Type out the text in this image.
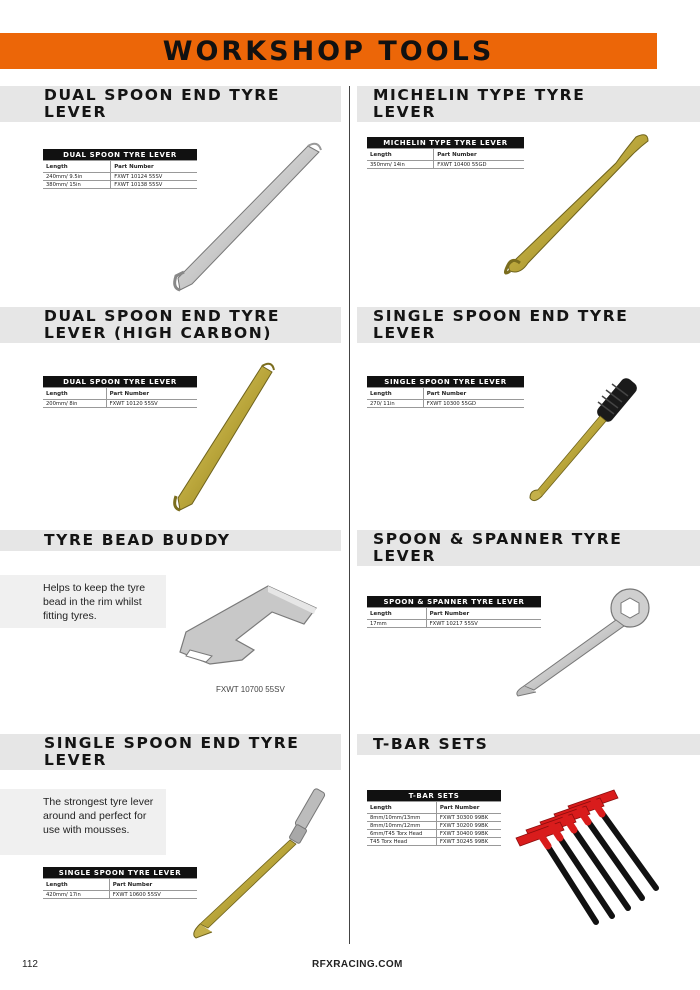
WORKSHOP TOOLS
DUAL SPOON END TYRE LEVER
DUAL SPOON TYRE LEVER	
Length	Part Number
240mm/ 9.5in	FXWT 10124 55SV
380mm/ 15in	FXWT 10138 55SV
MICHELIN TYPE TYRE LEVER
MICHELIN TYPE TYRE LEVER	
Length	Part Number
350mm/ 14in	FXWT 10400 55GD
DUAL SPOON END TYRE LEVER (HIGH CARBON)
DUAL SPOON TYRE LEVER	
Length	Part Number
200mm/ 8in	FXWT 10120 55SV
SINGLE SPOON END TYRE LEVER
SINGLE SPOON TYRE LEVER	
Length	Part Number
270/ 11in	FXWT 10300 55GD
TYRE BEAD BUDDY
Helps to keep the tyre bead in the rim whilst fitting tyres.
FXWT 10700 55SV
SPOON & SPANNER TYRE LEVER
SPOON & SPANNER TYRE LEVER	
Length	Part Number
17mm	FXWT 10217 55SV
SINGLE SPOON END TYRE LEVER
The strongest tyre lever around and perfect for use with mousses.
SINGLE SPOON TYRE LEVER	
Length	Part Number
420mm/ 17in	FXWT 10600 55SV
T-BAR SETS
T-BAR SETS	
Length	Part Number
8mm/10mm/13mm	FXWT 30300 99BK
8mm/10mm/12mm	FXWT 30200 99BK
6mm/T45 Torx Head	FXWT 30400 99BK
T45 Torx Head	FXWT 30245 99BK
112	RFXRACING.COM
